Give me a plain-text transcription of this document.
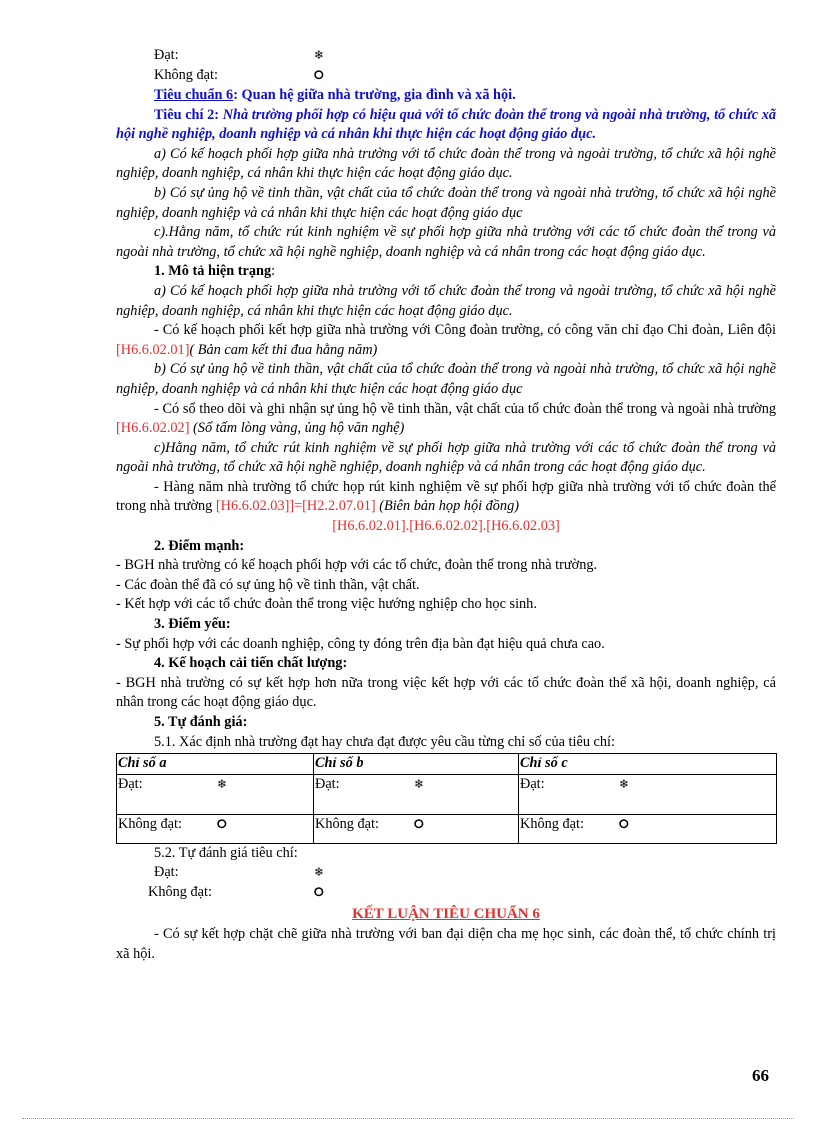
Đạt:	❄
Không đạt:	⭘

Tiêu chuẩn 6: Quan hệ giữa nhà trường, gia đình và xã hội.

Tiêu chí 2: Nhà trường phối hợp có hiệu quả với tổ chức đoàn thể trong và ngoài nhà trường, tổ chức xã hội nghề nghiệp, doanh nghiệp và cá nhân khi thực hiện các hoạt động giáo dục.

a) Có kế hoạch phối hợp giữa nhà trường với tổ chức đoàn thể trong và ngoài trường, tổ chức xã hội nghề nghiệp, doanh nghiệp, cá nhân khi thực hiện các hoạt động giáo dục.

b) Có sự ủng hộ về tinh thần, vật chất của tổ chức đoàn thể trong và ngoài nhà trường, tổ chức xã hội nghề nghiệp, doanh nghiệp và cá nhân khi thực hiện các hoạt động giáo dục

c).Hằng năm, tổ chức rút kinh nghiệm về sự phối hợp giữa nhà trường với các tổ chức đoàn thể trong và ngoài nhà trường, tổ chức xã hội nghề nghiệp, doanh nghiệp và cá nhân trong các hoạt động giáo dục.

1. Mô tả hiện trạng:

a) Có kế hoạch phối hợp giữa nhà trường với tổ chức đoàn thể trong và ngoài trường, tổ chức xã hội nghề nghiệp, doanh nghiệp, cá nhân khi thực hiện các hoạt động giáo dục.

- Có kế hoạch phối kết hợp giữa nhà trường với Công đoàn trường, có công văn chỉ đạo Chi đoàn, Liên đội [H6.6.02.01]( Bản cam kết thi đua hằng năm)

b) Có sự ủng hộ về tinh thần, vật chất của tổ chức đoàn thể trong và ngoài nhà trường, tổ chức xã hội nghề nghiệp, doanh nghiệp và cá nhân khi thực hiện các hoạt động giáo dục

- Có sổ theo dõi và ghi nhận sự ủng hộ về tinh thần, vật chất của tổ chức đoàn thể trong và ngoài nhà trường [H6.6.02.02] (Sổ tấm lòng vàng, ủng hộ văn nghệ)

c)Hằng năm, tổ chức rút kinh nghiệm về sự phối hợp giữa nhà trường với các tổ chức đoàn thể trong và ngoài nhà trường, tổ chức xã hội nghề nghiệp, doanh nghiệp và cá nhân trong các hoạt động giáo dục.

- Hàng năm nhà trường tổ chức họp rút kinh nghiệm về sự phối hợp giữa nhà trường với tổ chức đoàn thể trong nhà trường [H6.6.02.03]]=[H2.2.07.01] (Biên bản họp hội đồng)

[H6.6.02.01].[H6.6.02.02].[H6.6.02.03]

2. Điểm mạnh:

- BGH nhà trường có kế hoạch phối hợp với các tổ chức, đoàn thể trong nhà trường.

- Các đoàn thể đã có sự ủng hộ về tinh thần, vật chất.

- Kết hợp với các tổ chức đoàn thể trong việc hướng nghiệp cho học sinh.

3. Điểm yếu:

- Sự phối hợp với các doanh nghiệp, công ty đóng trên địa bàn đạt hiệu quả chưa cao.

4. Kế hoạch cải tiến chất lượng:

- BGH nhà trường có sự kết hợp hơn nữa trong việc kết hợp với các tổ chức đoàn thể xã hội, doanh nghiệp, cá nhân trong các hoạt động giáo dục.

5. Tự đánh giá:

5.1. Xác định nhà trường đạt hay chưa đạt được yêu cầu từng chỉ số của tiêu chí:

Chỉ số a	Chỉ số b	Chỉ số c
Đạt: ❄	Đạt: ❄	Đạt: ❄

Không đạt: ⭘	Không đạt: ⭘	Không đạt: ⭘

5.2. Tự đánh giá tiêu chí:

Đạt:	❄
Không đạt:	⭘

KẾT LUẬN TIÊU CHUẨN 6

- Có sự kết hợp chặt chẽ giữa nhà trường với ban đại diện cha mẹ học sinh, các đoàn thể, tổ chức chính trị xã hội.

66
